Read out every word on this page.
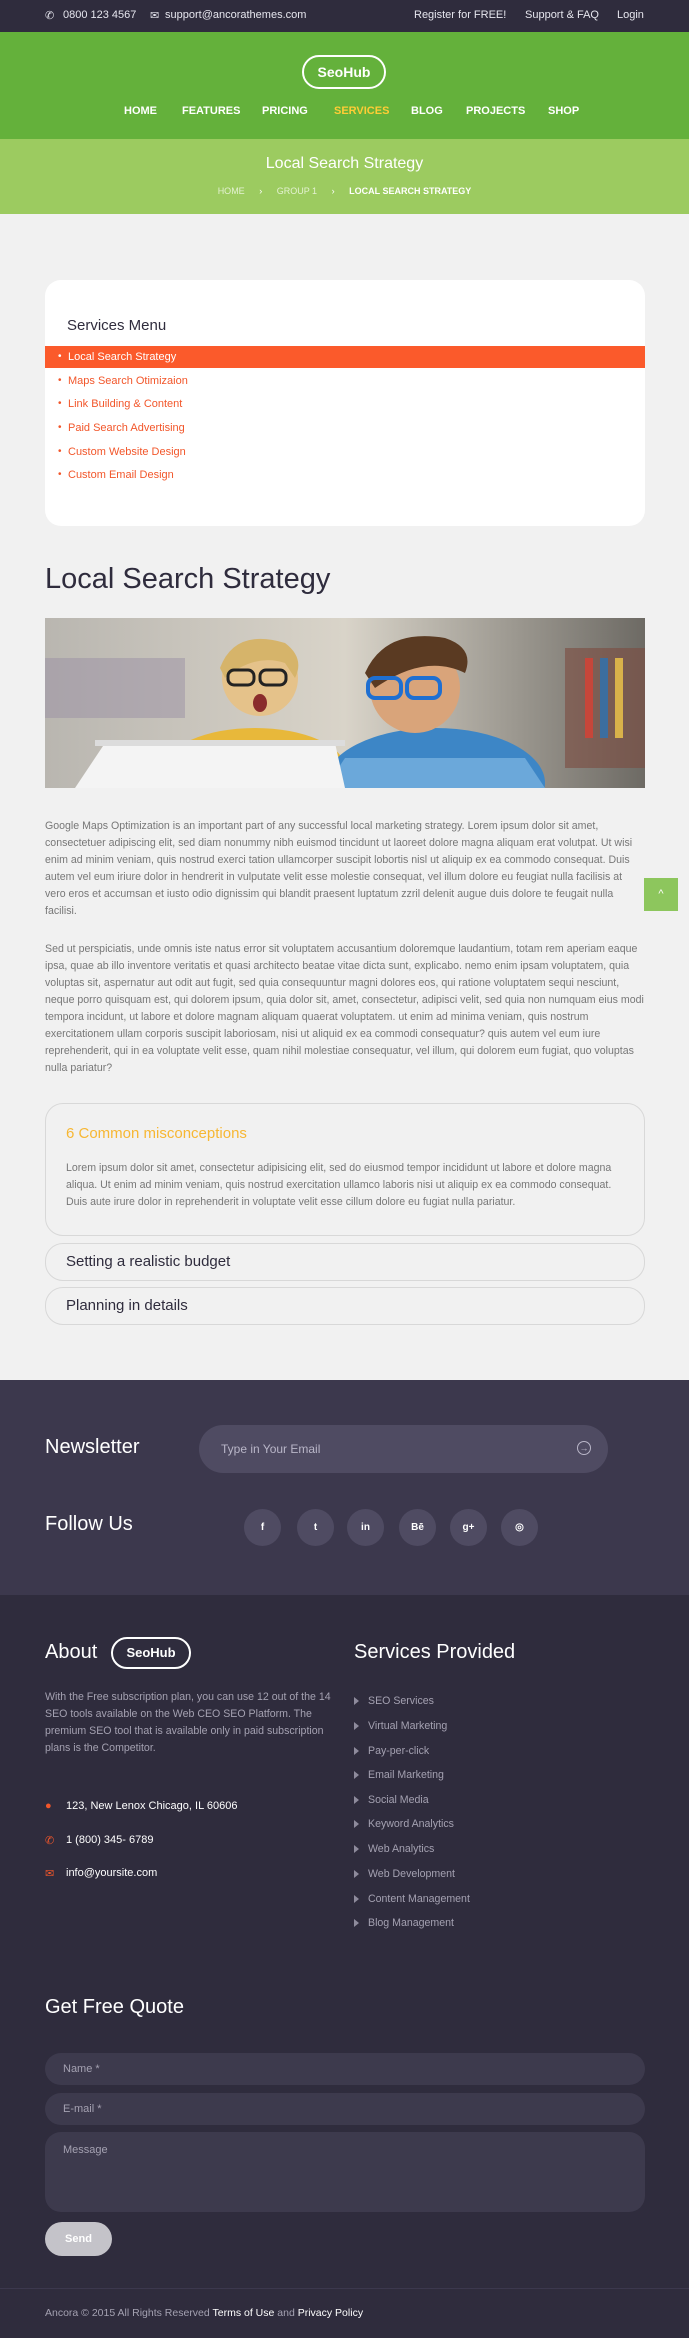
✆ 0800 123 4567 ✉ support@ancorathemes.com	Register for FREE! Support & FAQ Login
SeoHub
HOME FEATURES PRICING SERVICES BLOG PROJECTS SHOP
Local Search Strategy
HOME › GROUP 1 › LOCAL SEARCH STRATEGY
Services Menu
• Local Search Strategy
• Maps Search Otimizaion
• Link Building & Content
• Paid Search Advertising
• Custom Website Design
• Custom Email Design
Local Search Strategy

Google Maps Optimization is an important part of any successful local marketing strategy. Lorem ipsum dolor sit amet, consectetuer adipiscing elit, sed diam nonummy nibh euismod tincidunt ut laoreet dolore magna aliquam erat volutpat. Ut wisi enim ad minim veniam, quis nostrud exerci tation ullamcorper suscipit lobortis nisl ut aliquip ex ea commodo consequat. Duis autem vel eum iriure dolor in hendrerit in vulputate velit esse molestie consequat, vel illum dolore eu feugiat nulla facilisis at vero eros et accumsan et iusto odio dignissim qui blandit praesent luptatum zzril delenit augue duis dolore te feugait nulla facilisi.

Sed ut perspiciatis, unde omnis iste natus error sit voluptatem accusantium doloremque laudantium, totam rem aperiam eaque ipsa, quae ab illo inventore veritatis et quasi architecto beatae vitae dicta sunt, explicabo. nemo enim ipsam voluptatem, quia voluptas sit, aspernatur aut odit aut fugit, sed quia consequuntur magni dolores eos, qui ratione voluptatem sequi nesciunt, neque porro quisquam est, qui dolorem ipsum, quia dolor sit, amet, consectetur, adipisci velit, sed quia non numquam eius modi tempora incidunt, ut labore et dolore magnam aliquam quaerat voluptatem. ut enim ad minima veniam, quis nostrum exercitationem ullam corporis suscipit laboriosam, nisi ut aliquid ex ea commodi consequatur? quis autem vel eum iure reprehenderit, qui in ea voluptate velit esse, quam nihil molestiae consequatur, vel illum, qui dolorem eum fugiat, quo voluptas nulla pariatur?

^
6 Common misconceptions

Lorem ipsum dolor sit amet, consectetur adipisicing elit, sed do eiusmod tempor incididunt ut labore et dolore magna aliqua. Ut enim ad minim veniam, quis nostrud exercitation ullamco laboris nisi ut aliquip ex ea commodo consequat. Duis aute irure dolor in reprehenderit in voluptate velit esse cillum dolore eu fugiat nulla pariatur.

Setting a realistic budget
Planning in details
Newsletter	Type in Your Email	→
Follow Us	f	t	in	Bē	g+	◎
About	SeoHub

With the Free subscription plan, you can use 12 out of the 14 SEO tools available on the Web CEO SEO Platform. The premium SEO tool that is available only in paid subscription plans is the Competitor.

●	123, New Lenox Chicago, IL 60606
✆ 1 (800) 345- 6789
✉ info@yoursite.com
Services Provided
SEO Services
Virtual Marketing
Pay-per-click
Email Marketing
Social Media
Keyword Analytics
Web Analytics
Web Development
Content Management
Blog Management
Get Free Quote
Name *
E-mail *
Message
Send
Ancora © 2015 All Rights Reserved Terms of Use and Privacy Policy
